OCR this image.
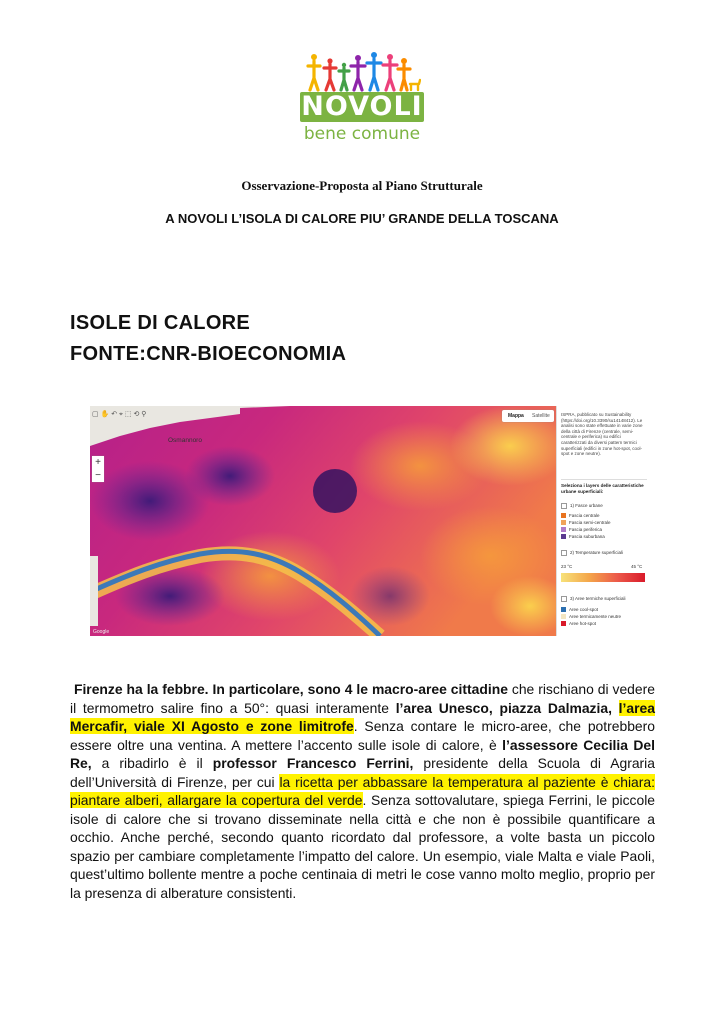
NOVOLI
bene comune
Osservazione-Proposta al Piano Strutturale
A NOVOLI L’ISOLA DI CALORE PIU’ GRANDE DELLA TOSCANA
ISOLE DI CALORE
FONTE:CNR-BIOECONOMIA
▢ ✋ ↶ ⌖ ⬚ ⟲ ⚲
Osmannoro
+
−
Mappa Satellite
Google
ISPRA, pubblicato su Sustainability (https://doi.org/10.3390/su14148412). Le analisi sono state effettuate in varie zone della città di Firenze (centrale, semi-centrale e periferica) su edifici caratterizzati da diversi pattern termici superficiali (edifici in zone hot-spot, cool-spot e zone neutre).
Seleziona i layers delle caratteristiche urbane superficiali:
1) Fasce urbane
Fascia centrale
Fascia semi-centrale
Fascia periferica
Fascia suburbana
2) Temperature superficiali
23 °C	45 °C
3) Aree termiche superficiali
Aree cool-spot
Aree termicamente neutre
Aree hot-spot
Firenze ha la febbre. In particolare, sono 4 le macro-aree cittadine che rischiano di vedere il termometro salire fino a 50°: quasi interamente l’area Unesco, piazza Dalmazia, l’area Mercafir, viale XI Agosto e zone limitrofe. Senza contare le micro-aree, che potrebbero essere oltre una ventina. A mettere l’accento sulle isole di calore, è l’assessore Cecilia Del Re, a ribadirlo è il professor Francesco Ferrini, presidente della Scuola di Agraria dell’Università di Firenze, per cui la ricetta per abbassare la temperatura al paziente è chiara: piantare alberi, allargare la copertura del verde. Senza sottovalutare, spiega Ferrini, le piccole isole di calore che si trovano disseminate nella città e che non è possibile quantificare a occhio. Anche perché, secondo quanto ricordato dal professore, a volte basta un piccolo spazio per cambiare completamente l’impatto del calore. Un esempio, viale Malta e viale Paoli, quest’ultimo bollente mentre a poche centinaia di metri le cose vanno molto meglio, proprio per la presenza di alberature consistenti.
